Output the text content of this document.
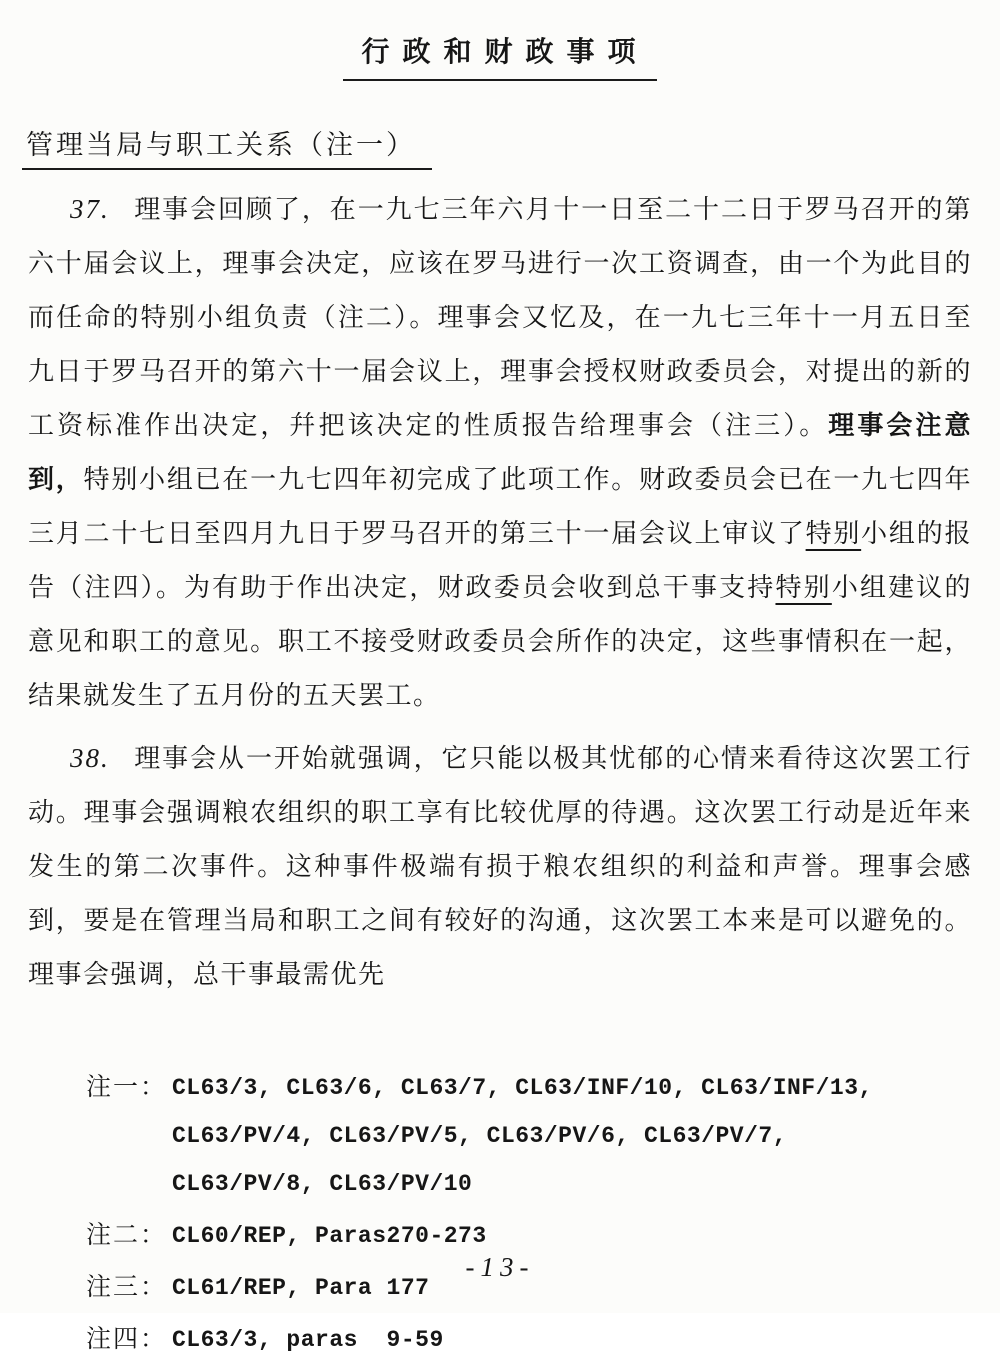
行政和财政事项
管理当局与职工关系（注一）

37. 理事会回顾了，在一九七三年六月十一日至二十二日于罗马召开的第六十届会议上，理事会决定，应该在罗马进行一次工资调查，由一个为此目的而任命的特别小组负责（注二）。理事会又忆及，在一九七三年十一月五日至九日于罗马召开的第六十一届会议上，理事会授权财政委员会，对提出的新的工资标准作出决定，幷把该决定的性质报告给理事会（注三）。理事会注意到，特别小组已在一九七四年初完成了此项工作。财政委员会已在一九七四年三月二十七日至四月九日于罗马召开的第三十一届会议上审议了特别小组的报告（注四）。为有助于作出决定，财政委员会收到总干事支持特别小组建议的意见和职工的意见。职工不接受财政委员会所作的决定，这些事情积在一起，结果就发生了五月份的五天罢工。

38. 理事会从一开始就强调，它只能以极其忧郁的心情来看待这次罢工行动。理事会强调粮农组织的职工享有比较优厚的待遇。这次罢工行动是近年来发生的第二次事件。这种事件极端有损于粮农组织的利益和声誉。理事会感到，要是在管理当局和职工之间有较好的沟通，这次罢工本来是可以避免的。理事会强调，总干事最需优先

注一： CL63/3, CL63/6, CL63/7, CL63/INF/10, CL63/INF/13,
CL63/PV/4, CL63/PV/5, CL63/PV/6, CL63/PV/7,
CL63/PV/8, CL63/PV/10
注二： CL60/REP, Paras270-273
注三： CL61/REP, Para 177
注四： CL63/3, paras  9-59
-13-
